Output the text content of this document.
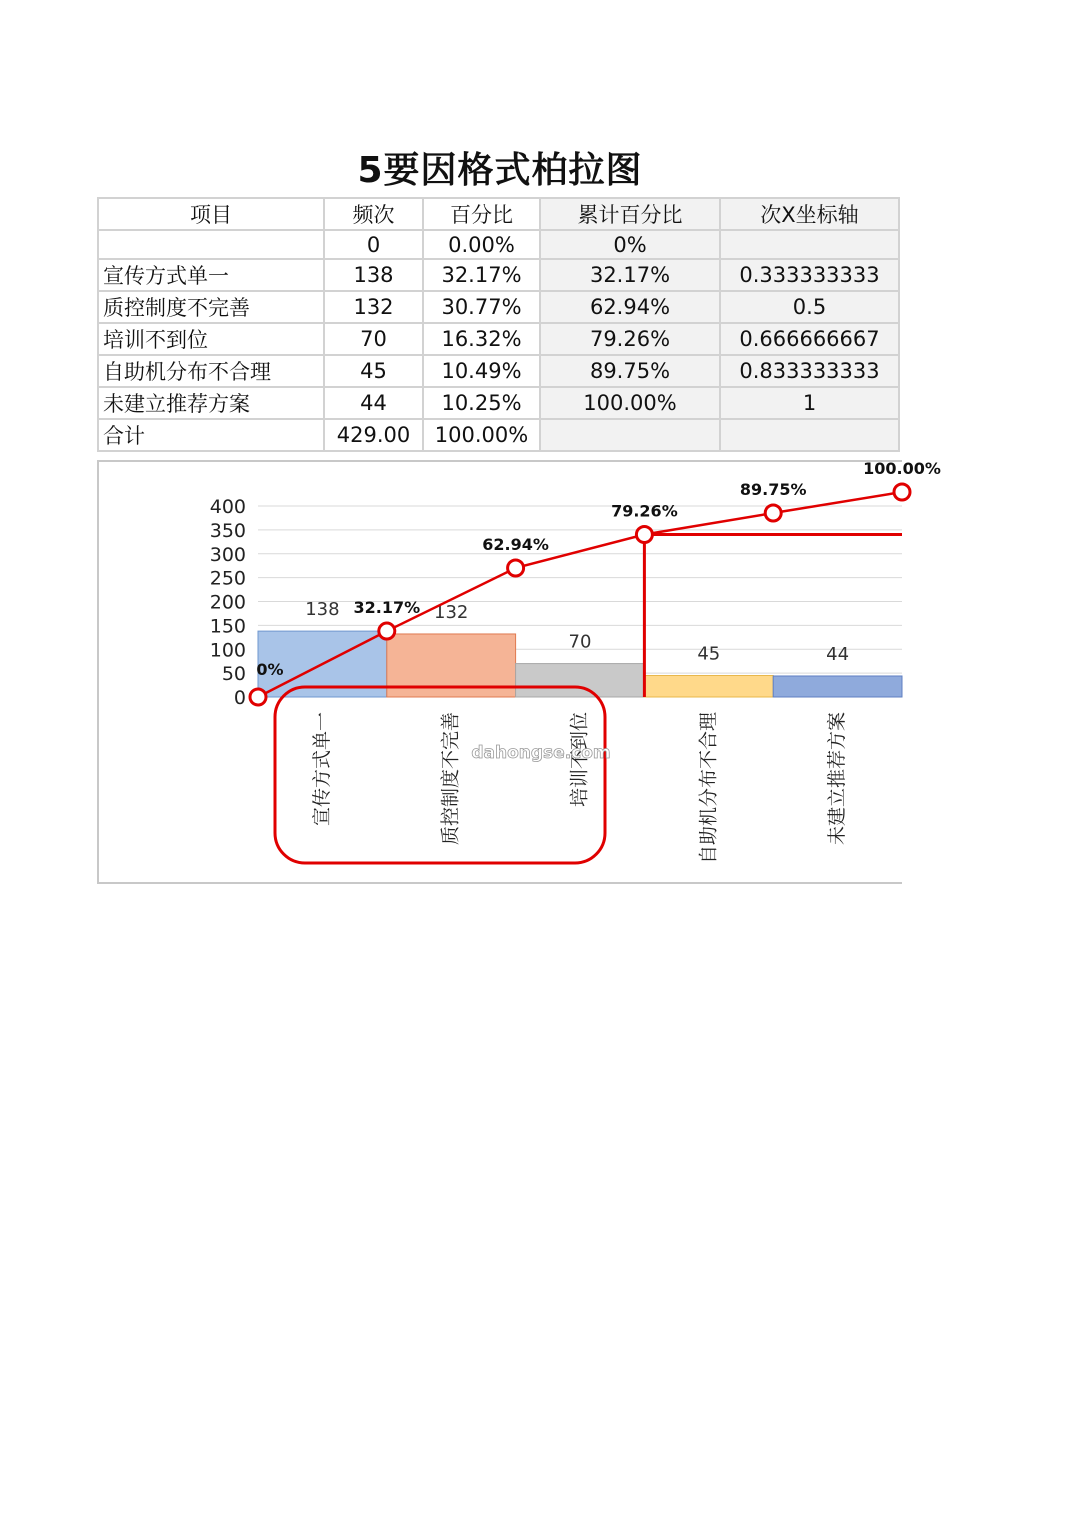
5要因格式柏拉图
项目	频次	百分比	累计百分比	次X坐标轴
	0	0.00%	0%	
宣传方式单一	138	32.17%	32.17%	0.333333333
质控制度不完善	132	30.77%	62.94%	0.5
培训不到位	70	16.32%	79.26%	0.666666667
自助机分布不合理	45	10.49%	89.75%	0.833333333
未建立推荐方案	44	10.25%	100.00%	1
合计	429.00	100.00%		
0
50
100
150
200
250
300
350
400
138	132
70
45	44
宣传方式单一	质控制度不完善	培训不到位	自助机分布不合理	未建立推荐方案
0%
32.17%
62.94%
79.26%
89.75%
100.00%
dahongse.com
